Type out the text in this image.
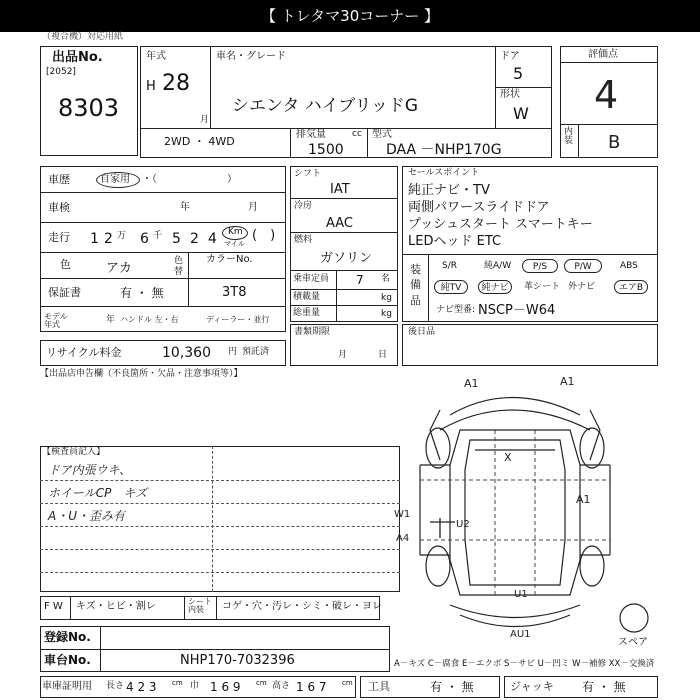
【 トレタマ30コーナー 】
（複合機）対応用紙
出品No.
[2052]
8303
年式
H 28
月
車名・グレード
シエンタ ハイブリッドG
ドア
5
形状
W
2WD ・ 4WD
排気量	cc
1500
型式
DAA －NHP170G
評価点
4
内装 B
車歴	自家用 ・（　　　　　　　）
車検	年	月
走行 1 2 万 6 千 5 2 4 Km
マイル
(　)
色	アカ	色替
カラーNo.
3T8
保証書	有 ・ 無
モデル年式	年 ハンドル 左・右	ディーラー・並行
シフト
IAT
冷房
AAC
燃料
ガソリン
乗車定員 7 名
積載量	kg
総重量	kg
セールスポイント
純正ナビ・TV
両側パワースライドドア
プッシュスタート スマートキー
LEDヘッド ETC
装備品
S/R	純A/W	P/S	P/W	ABS
純TV	純ナビ	革シート 外ナビ	エアB
ナビ型番: NSCP－W64
リサイクル料金	10,360 円 預託済
書類期限
月	日
後日品
【出品店申告欄（不良箇所・欠品・注意事項等）】
【検査員記入】
ドア内張ウキ、
ホイールCP　キズ
A・U・歪み有
A1	A1
X
A1
W1
A4
U2
U1
AU1
スペア
F W キズ・ヒビ・割レ	シート内装	コゲ・穴・汚レ・シミ・破レ・ヨレ
登録No.
車台No.	NHP170-7032396	A－キズ C－腐食 E－エクボ S－サビ U－凹ミ W－補修 XX－交換済
車庫証明用 長さ 4 2 3 cm 巾 1 6 9 cm 高さ 1 6 7 cm 工具	有 ・ 無	ジャッキ 有 ・ 無
